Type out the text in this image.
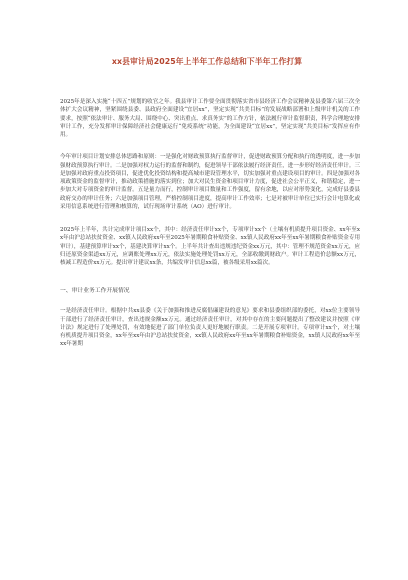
xx县审计局2025年上半年工作总结和下半年工作打算

2025年是深入实施“十四五”规划的收官之年。我县审计工作要全面贯彻落实省市县经济工作会议精神及县委第六届三次全体扩大会议精神，坚紧围绕县委、县政府全面建设“宜居xx”，坚定实现“共美目标”的发展战略部署和上级审计机关的工作要求，按照“依法审计、服务大局、围绕中心、突出重点、求真务实”的工作方针，依法履行审计监督职责，科学合理地安排审计工作，充分发挥审计保障经济社会健康运行“免疫系统”功能，为全面建设“宜居xx”，坚定实现“共美目标”发挥应有作用。

今年审计项目计划安排总体思路和原则：一是强化对财政预算执行监督审计，促进财政预算分配和执行的透明度，进一步加强财政预算执行审计。二是加强对权力运行的监督和制约，促进领导干部依法履行经济责任，进一步形好经济责任审计。三是加强对政府重点投资项目，促进优化投资结构和提高城市建设管理水平，切实加强对重点建设项目的审计。四是加强对各项政策资金的监督审计，推动政策措施的落实到位；加大对民生资金和项目审计力度，促进社会公平正义，和谐稳定，进一步加大对专项资金的审计监督。五是量力而行，控制审计项目数量和工作强度，留有余地，以应对形势变化，完成好县委县政府交办的审计任务；六是加强项目管理，严格控制项目进度，提高审计工作效率；七是对被审计单位已实行会计电算化或采用信息系统进行管理和核算的，试行现场审计系统（AO）进行审计。

2025年上半年，共计完成审计项目xx个，其中：经济责任审计xx个，专项审计xx个（土壤有机质提升项目资金、xx年至xx年由沪总站扶贫资金、xx镇人民政府xx年至2025年暑期粮食补贴资金、xx镇人民政府xx年至xx年暑期粮食补贴资金专用审计），基建预算审计xx个，基建决算审计xx个。上半年共计查出违规违纪资金xx万元，其中：管理不规范资金xx万元，应归还原资金渠道xx万元，应调账处理xx万元，依法实施处理处罚xx万元，全部收缴到财政户。审计工程造价总额xx万元，核减工程造价xx万元。提出审计建议xx条，共编发审计信息xx篇，被各级采用xx篇次。

一、审计业务工作开展情况

一是经济责任审计。根据中共xx县委《关于加强和推进反腐倡廉建设的意见》要求和县委组织部的委托，对xx位主要领导干部进行了经济责任审计，查出违规金额xx万元。通过经济责任审计，对其中存在的主要问题提出了整改建议并按照《审计法》规定进行了处理处罚，有效地促进了部门单位负责人更好地履行职责。二是开展专项审计。专项审计xx个，对土壤有机质提升项目资金，xx年至xx年由沪总站扶贫资金，xx镇人民政府xx年至xx年暑期粮食补贴资金，xx镇人民政府xx年至xx年暑期
